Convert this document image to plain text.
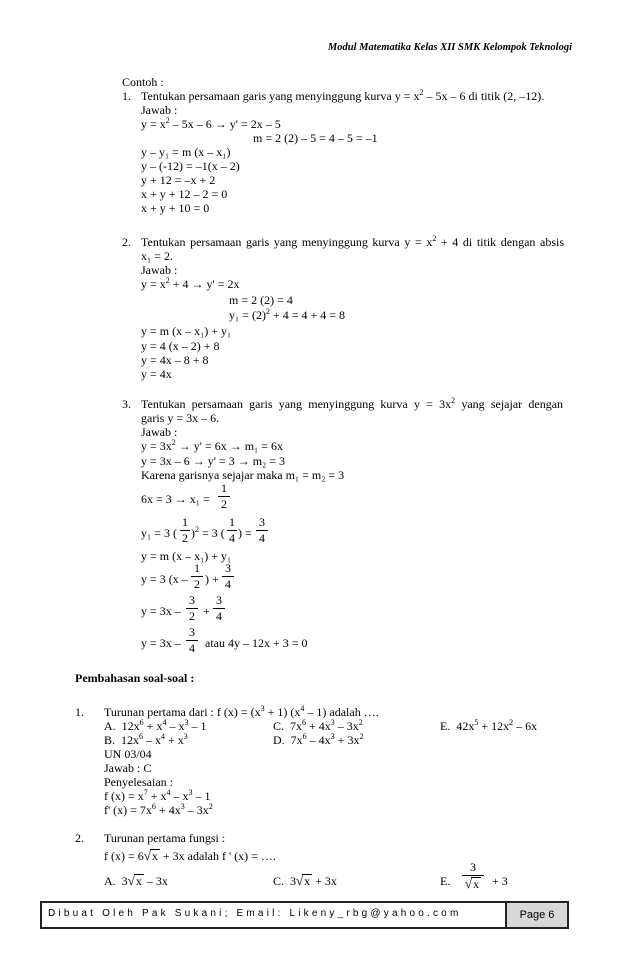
Modul Matematika Kelas XII SMK Kelompok Teknologi
Contoh :
1. Tentukan persamaan garis yang menyinggung kurva $y = x^2 - 5x - 6$ di titik (2, –12).
Jawab :
$y = x^2 - 5x - 6 \to y' = 2x - 5$
m = 2 (2) – 5 = 4 – 5 = –1
y – y₁ = m (x – x₁)
y – (-12) = –1(x – 2)
y + 12 = –x + 2
x + y + 12 – 2 = 0
x + y + 10 = 0
2. Tentukan persamaan garis yang menyinggung kurva $y = x^2 + 4$ di titik dengan absis
x₁ = 2.
Jawab :
$y = x^2 + 4 \to y' = 2x$
m = 2 (2) = 4
$y_1 = (2)^2 + 4 = 4 + 4 = 8$
y = m (x – x₁) + y₁
y = 4 (x – 2) + 8
y = 4x – 8 + 8
y = 4x
3. Tentukan persamaan garis yang menyinggung kurva $y = 3x^2$ yang sejajar dengan
garis y = 3x – 6.
Jawab :
$y = 3x^2 \to y' = 6x \to m_1 = 6x$
y = 3x – 6 → y' = 3 → m₂ = 3
Karena garisnya sejajar maka m₁ = m₂ = 3
6x = 3 → x₁ =
1
2
y₁ = 3 (
1
2 )$^2$ = 3 (
1
4 ) =
3
4
y = m (x – x₁) + y₁
y = 3 (x –
1
2 ) +
3
4
y = 3x –
3
2 +
3
4
y = 3x –
3
4 atau 4y – 12x + 3 = 0
Pembahasan soal-soal :
1. Turunan pertama dari : f $(x) = (x^3 + 1)$ $(x^4 - 1)$ adalah ….
A. $12x^6 + x^4 - x^3 - 1$	C. $7x^6 + 4x^3 - 3x^2$	E. $42x^5 + 12x^2 - 6x$
B. $12x^6 - x^4 + x^3$	D. $7x^6 - 4x^3 + 3x^2$
UN 03/04
Jawab : C
Penyelesaian :
f $(x) = x^7 + x^4 - x^3 - 1$
f' $(x) = 7x^6 + 4x^3 - 3x^2$
2. Turunan pertama fungsi :
f (x) = 6√x + 3x adalah f ' (x) = ….
A. 3√x – 3x	C. 3√x + 3x	E.
3
√x	+ 3
Dibuat Oleh Pak Sukani; Email: Likeny_rbg@yahoo.com	Page 6
